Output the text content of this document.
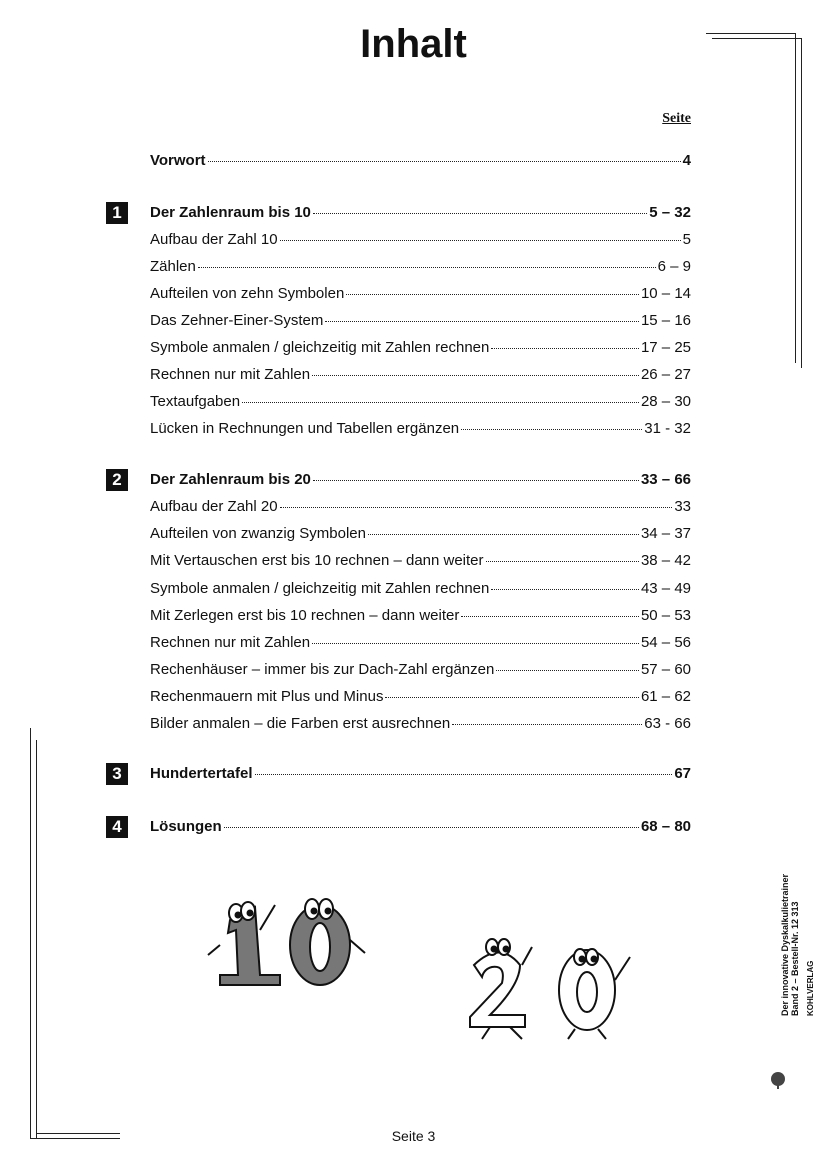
Inhalt
Seite
Vorwort	4
1	Der Zahlenraum bis 10	5 – 32
Aufbau der Zahl 10	5
Zählen	6 – 9
Aufteilen von zehn Symbolen	10 – 14
Das Zehner-Einer-System	15 – 16
Symbole anmalen / gleichzeitig mit Zahlen rechnen	17 – 25
Rechnen nur mit Zahlen	26 – 27
Textaufgaben	28 – 30
Lücken in Rechnungen und Tabellen ergänzen	31 - 32
2	Der Zahlenraum bis 20	33 – 66
Aufbau der Zahl 20	33
Aufteilen von zwanzig Symbolen	34 – 37
Mit Vertauschen erst bis 10 rechnen – dann weiter	38 – 42
Symbole anmalen / gleichzeitig mit Zahlen rechnen	43 – 49
Mit Zerlegen erst bis 10 rechnen – dann weiter	50 – 53
Rechnen nur mit Zahlen	54 – 56
Rechenhäuser – immer bis zur Dach-Zahl ergänzen	57 – 60
Rechenmauern mit Plus und Minus	61 – 62
Bilder anmalen – die Farben erst ausrechnen	63 - 66
3	Hundertertafel	67
4	Lösungen	68 – 80
Der innovative Dyskalkulietrainer Band 2 – Bestell-Nr. 12 313 KOHLVERLAG
Seite 3
